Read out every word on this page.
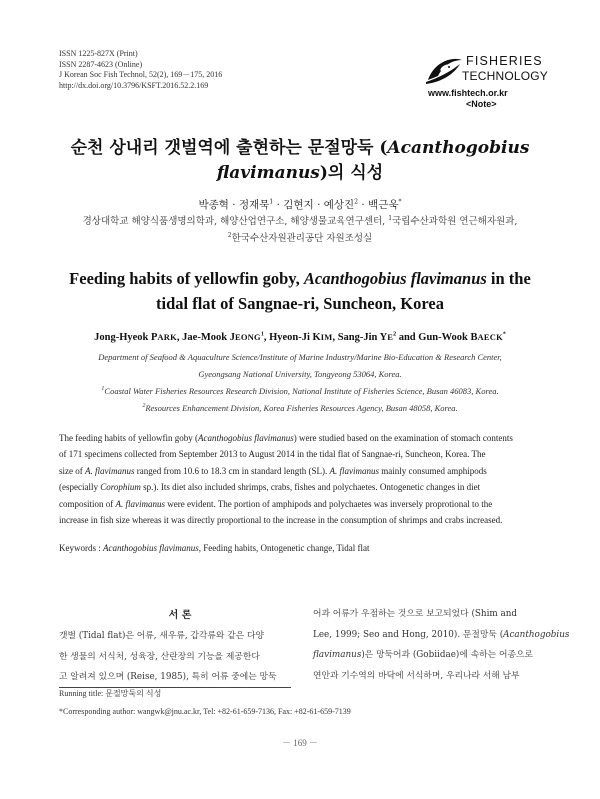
ISSN 1225-827X (Print)
ISSN 2287-4623 (Online)
J Korean Soc Fish Technol, 52(2), 169－175, 2016
http://dx.doi.org/10.3796/KSFT.2016.52.2.169
FISHERIES
TECHNOLOGY
www.fishtech.or.kr
<Note>
순천 상내리 갯벌역에 출현하는 문절망둑 (Acanthogobius
flavimanus)의 식성
박종혁 · 정재묵$^1$ · 김현지 · 예상진$^2$ · 백근욱*
경상대학교 해양식품생명의학과, 해양산업연구소, 해양생물교육연구센터, $^1$국립수산과학원 연근해자원과,
$^2$한국수산자원관리공단 자원조성실
Feeding habits of yellowfin goby, Acanthogobius flavimanus in the
tidal flat of Sangnae-ri, Suncheon, Korea
Jong-Hyeok PARK, Jae-Mook JEONG$^1$, Hyeon-Ji KIM, Sang-Jin $YE^2$ and Gun-Wook BAECK*
Department of Seafood & Aquaculture Science/Institute of Marine Industry/Marine Bio-Education & Research Center,
Gyeongsang National University, Tongyeong 53064, Korea.
$^1$Coastal Water Fisheries Resources Research Division, National Institute of Fisheries Science, Busan 46083, Korea.
$^2$Resources Enhancement Division, Korea Fisheries Resources Agency, Busan 48058, Korea.
The feeding habits of yellowfin goby (Acanthogobius flavimanus) were studied based on the examination of stomach contents
of 171 specimens collected from September 2013 to August 2014 in the tidal flat of Sangnae-ri, Suncheon, Korea. The
size of A. flavimanus ranged from 10.6 to 18.3 cm in standard length (SL). A. flavimanus mainly consumed amphipods
(especially Corophium sp.). Its diet also included shrimps, crabs, fishes and polychaetes. Ontogenetic changes in diet
composition of A. flavimanus were evident. The portion of amphipods and polychaetes was inversely proprotional to the
increase in fish size whereas it was directly proportional to the increase in the consumption of shrimps and crabs increased.
Keywords : Acanthogobius flavimanus, Feeding habits, Ontogenetic change, Tidal flat
서 론
갯벌 (Tidal flat)은 어류, 새우류, 갑각류와 같은 다양
한 생물의 서식처, 성육장, 산란장의 기능을 제공한다
고 알려져 있으며 (Reise, 1985), 특히 어류 중에는 망둑
어과 어류가 우점하는 것으로 보고되었다 (Shim and
Lee, 1999; Seo and Hong, 2010). 문절망둑 (Acanthogobius
flavimanus)은 망둑어과 (Gobiidae)에 속하는 어종으로
연안과 기수역의 바닥에 서식하며, 우리나라 서해 남부
Running title: 문절망둑의 식성
*Corresponding author: wangwk@jnu.ac.kr, Tel: +82-61-659-7136, Fax: +82-61-659-7139
－ 169 －
